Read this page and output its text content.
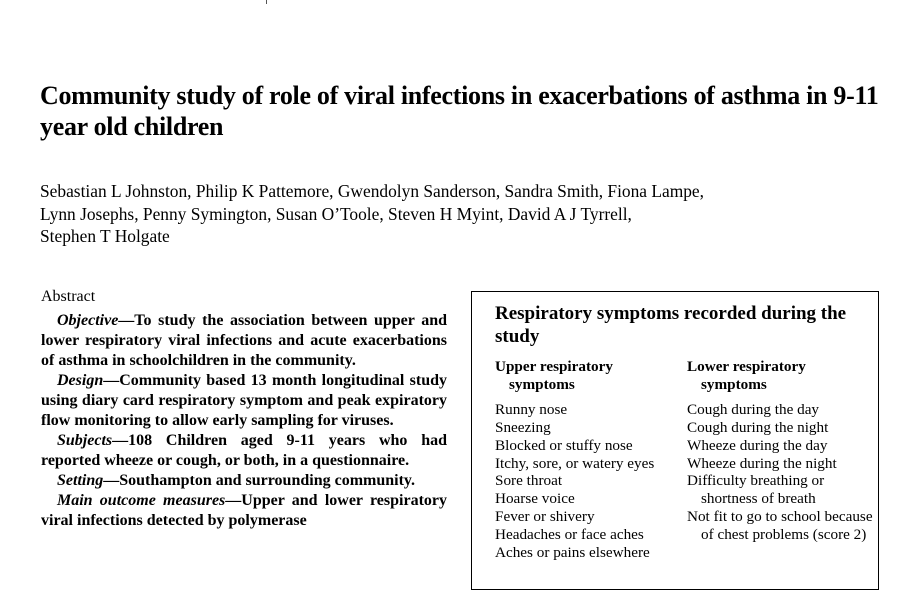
Community study of role of viral infections in exacerbations of asthma in 9-11 year old children
Sebastian L Johnston, Philip K Pattemore, Gwendolyn Sanderson, Sandra Smith, Fiona Lampe,
Lynn Josephs, Penny Symington, Susan O’Toole, Steven H Myint, David A J Tyrrell,
Stephen T Holgate
Abstract
Objective—To study the association between upper and lower respiratory viral infections and acute exacerbations of asthma in schoolchildren in the community.
Design—Community based 13 month longitudinal study using diary card respiratory symptom and peak expiratory flow monitoring to allow early sampling for viruses.
Subjects—108 Children aged 9-11 years who had reported wheeze or cough, or both, in a questionnaire.
Setting—Southampton and surrounding community.
Main outcome measures—Upper and lower respiratory viral infections detected by polymerase
Respiratory symptoms recorded during the study
Upper respiratory
symptoms
Runny nose
Sneezing
Blocked or stuffy nose
Itchy, sore, or watery eyes
Sore throat
Hoarse voice
Fever or shivery
Headaches or face aches
Aches or pains elsewhere
Lower respiratory
symptoms
Cough during the day
Cough during the night
Wheeze during the day
Wheeze during the night
Difficulty breathing or shortness of breath
Not fit to go to school because of chest problems (score 2)
